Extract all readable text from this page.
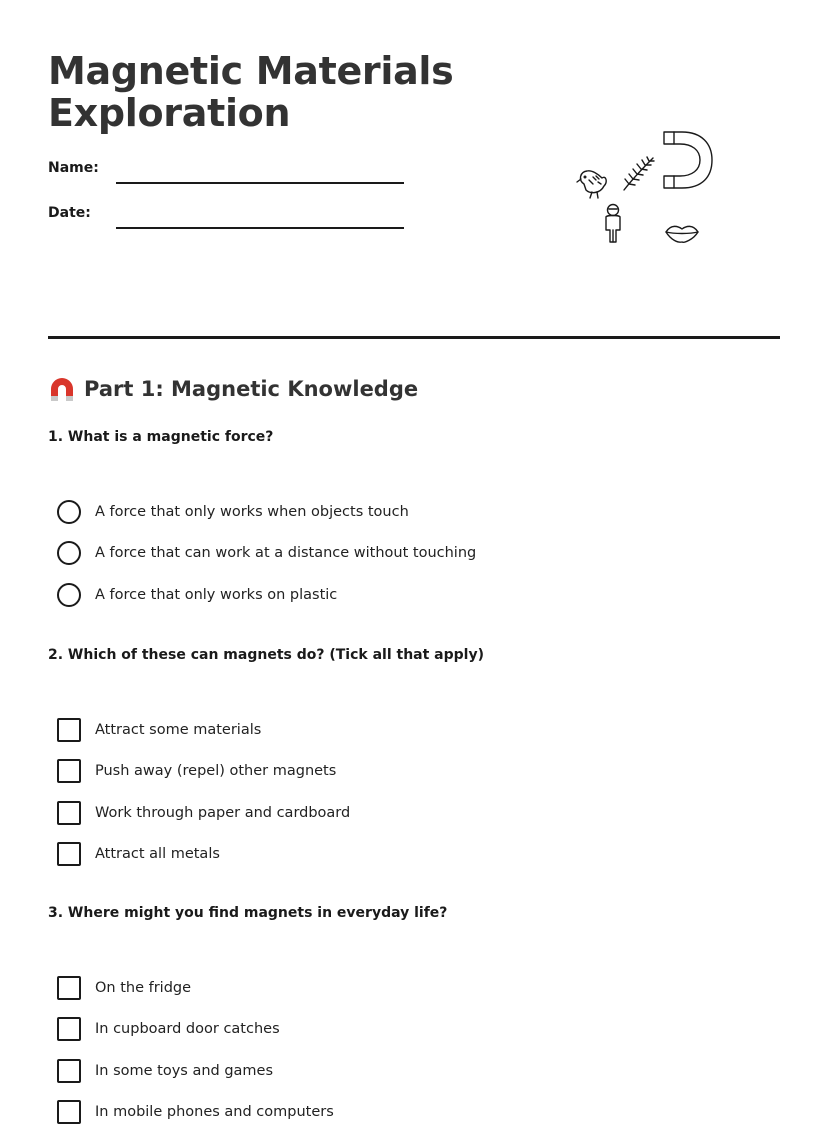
Magnetic Materials Exploration
Name:
Date:
Part 1: Magnetic Knowledge

1. What is a magnetic force?

A force that only works when objects touch
A force that can work at a distance without touching
A force that only works on plastic

2. Which of these can magnets do? (Tick all that apply)

Attract some materials
Push away (repel) other magnets
Work through paper and cardboard
Attract all metals

3. Where might you find magnets in everyday life?

On the fridge
In cupboard door catches
In some toys and games
In mobile phones and computers
